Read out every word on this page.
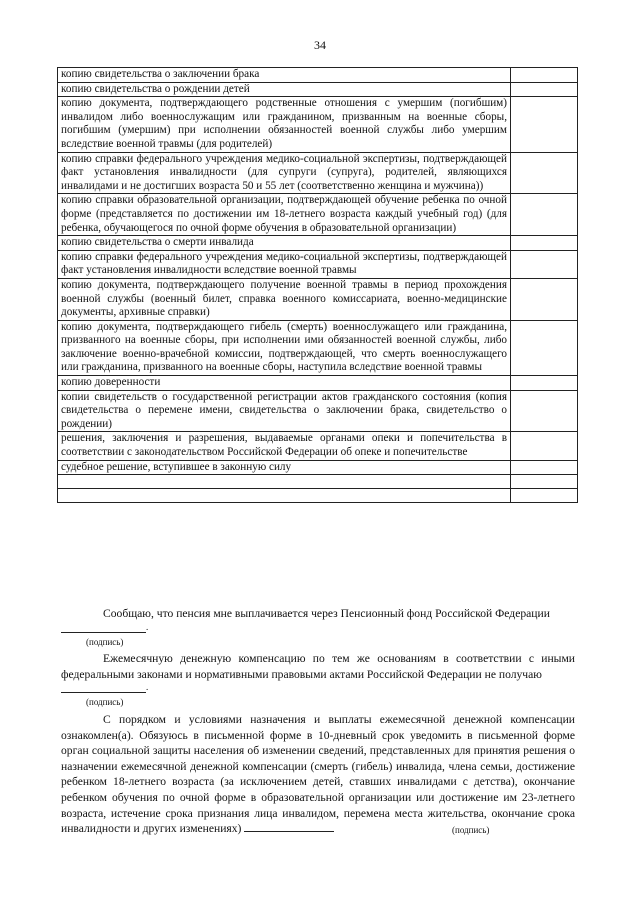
34
копию свидетельства о заключении брака	
копию свидетельства о рождении детей	
копию документа, подтверждающего родственные отношения с умершим (погибшим) инвалидом либо военнослужащим или гражданином, призванным на военные сборы, погибшим (умершим) при исполнении обязанностей военной службы либо умершим вследствие военной травмы (для родителей)	
копию справки федерального учреждения медико-социальной экспертизы, подтверждающей факт установления инвалидности (для супруги (супруга), родителей, являющихся инвалидами и не достигших возраста 50 и 55 лет (соответственно женщина и мужчина))	
копию справки образовательной организации, подтверждающей обучение ребенка по очной форме (представляется по достижении им 18-летнего возраста каждый учебный год) (для ребенка, обучающегося по очной форме обучения в образовательной организации)	
копию свидетельства о смерти инвалида	
копию справки федерального учреждения медико-социальной экспертизы, подтверждающей факт установления инвалидности вследствие военной травмы	
копию документа, подтверждающего получение военной травмы в период прохождения военной службы (военный билет, справка военного комиссариата, военно-медицинские документы, архивные справки)	
копию документа, подтверждающего гибель (смерть) военнослужащего или гражданина, призванного на военные сборы, при исполнении ими обязанностей военной службы, либо заключение военно-врачебной комиссии, подтверждающей, что смерть военнослужащего или гражданина, призванного на военные сборы, наступила вследствие военной травмы	
копию доверенности	
копии свидетельств о государственной регистрации актов гражданского состояния (копия свидетельства о перемене имени, свидетельства о заключении брака, свидетельство о рождении)	
решения, заключения и разрешения, выдаваемые органами опеки и попечительства в соответствии с законодательством Российской Федерации об опеке и попечительстве	
судебное решение, вступившее в законную силу	

Сообщаю, что пенсия мне выплачивается через Пенсионный фонд Российской Федерации

.
(подпись)

Ежемесячную денежную компенсацию по тем же основаниям в соответствии с иными федеральными законами и нормативными правовыми актами Российской Федерации не получаю

.
(подпись)

С порядком и условиями назначения и выплаты ежемесячной денежной компенсации ознакомлен(а). Обязуюсь в письменной форме в 10-дневный срок уведомить в письменной форме орган социальной защиты населения об изменении сведений, представленных для принятия решения о назначении ежемесячной денежной компенсации (смерть (гибель) инвалида, члена семьи, достижение ребенком 18-летнего возраста (за исключением детей, ставших инвалидами с детства), окончание ребенком обучения по очной форме в образовательной организации или достижение им 23-летнего возраста, истечение срока признания лица инвалидом, перемена места жительства, окончание срока инвалидности и других изменениях)	(подпись)
